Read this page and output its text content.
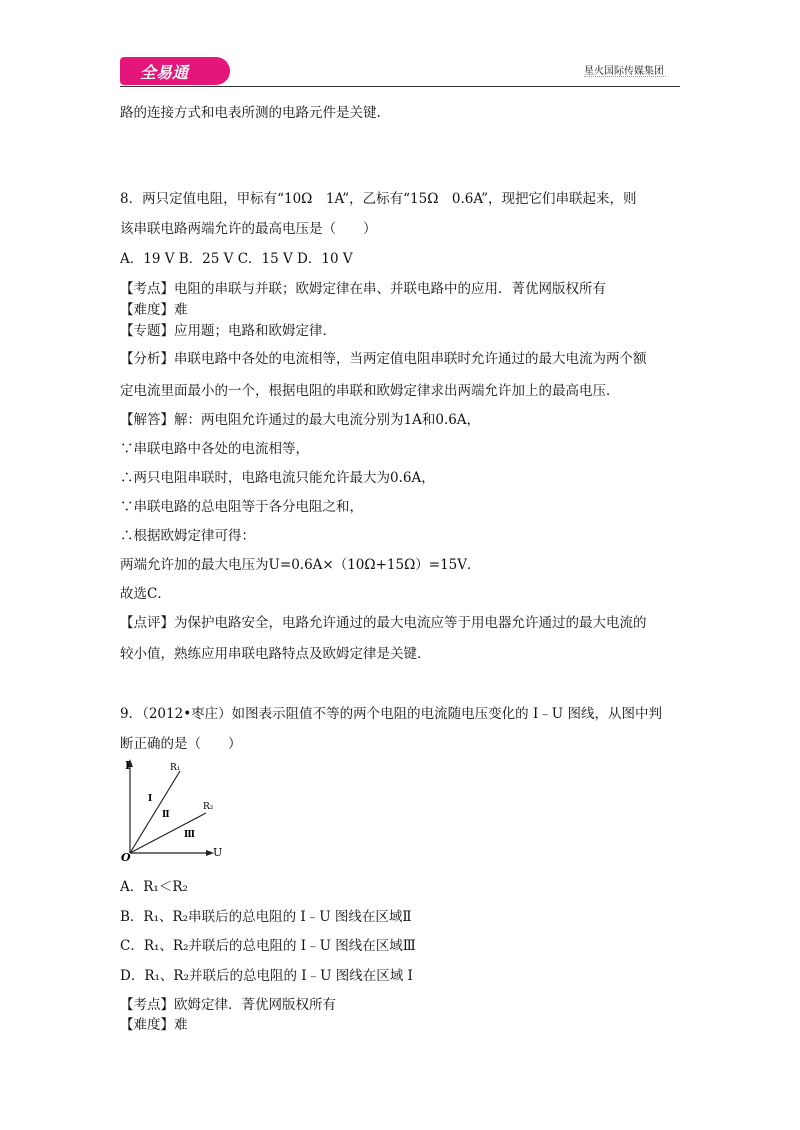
全易通	星火国际传媒集团
路的连接方式和电表所测的电路元件是关键.
8．两只定值电阻，甲标有“10Ω　1A”，乙标有“15Ω　0.6A”，现把它们串联起来，则
该串联电路两端允许的最高电压是（　　）
A．19 V B．25 V C．15 V D．10 V
【考点】电阻的串联与并联；欧姆定律在串、并联电路中的应用．菁优网版权所有
【难度】难
【专题】应用题；电路和欧姆定律．
【分析】串联电路中各处的电流相等，当两定值电阻串联时允许通过的最大电流为两个额
定电流里面最小的一个，根据电阻的串联和欧姆定律求出两端允许加上的最高电压．
【解答】解：两电阻允许通过的最大电流分别为1A和0.6A，
∵串联电路中各处的电流相等，
∴两只电阻串联时，电路电流只能允许最大为0.6A，
∵串联电路的总电阻等于各分电阻之和，
∴根据欧姆定律可得：
两端允许加的最大电压为U=0.6A×（10Ω+15Ω）=15V．
故选C．
【点评】为保护电路安全，电路允许通过的最大电流应等于用电器允许通过的最大电流的
较小值，熟练应用串联电路特点及欧姆定律是关键．
9．（2012•枣庄）如图表示阻值不等的两个电阻的电流随电压变化的 I﹣U 图线，从图中判
断正确的是（　　）
I
U
O
R₁
R₂
Ⅰ
Ⅱ
Ⅲ
A．R₁＜R₂
B．R₁、R₂串联后的总电阻的 I﹣U 图线在区域Ⅱ
C．R₁、R₂并联后的总电阻的 I﹣U 图线在区域Ⅲ
D．R₁、R₂并联后的总电阻的 I﹣U 图线在区域 I
【考点】欧姆定律．菁优网版权所有
【难度】难
